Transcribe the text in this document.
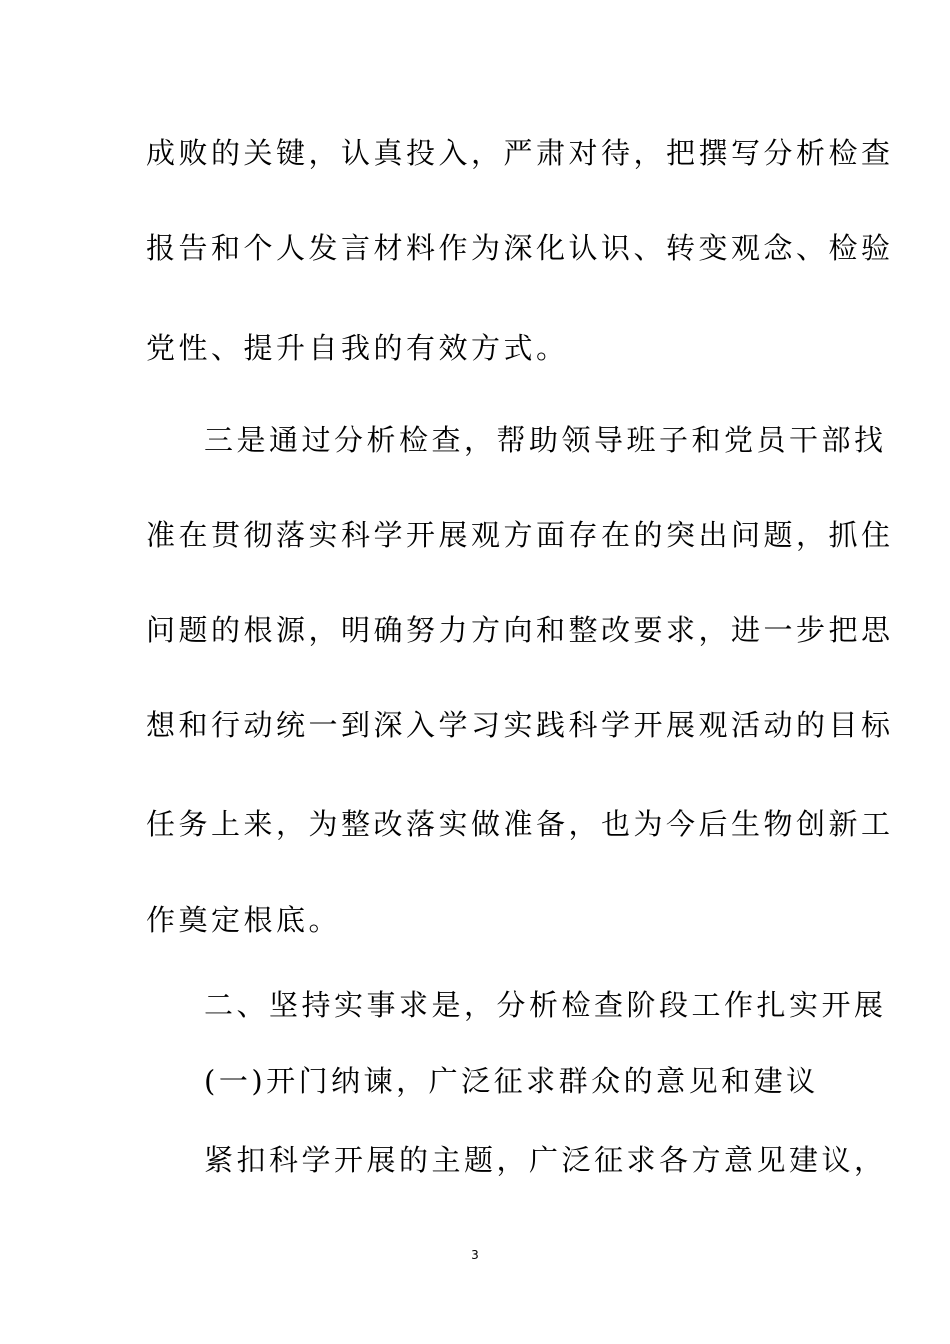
成败的关键，认真投入，严肃对待，把撰写分析检查
报告和个人发言材料作为深化认识、转变观念、检验
党性、提升自我的有效方式。
三是通过分析检查，帮助领导班子和党员干部找
准在贯彻落实科学开展观方面存在的突出问题，抓住
问题的根源，明确努力方向和整改要求，进一步把思
想和行动统一到深入学习实践科学开展观活动的目标
任务上来，为整改落实做准备，也为今后生物创新工
作奠定根底。
二、坚持实事求是，分析检查阶段工作扎实开展
(一)开门纳谏，广泛征求群众的意见和建议
紧扣科学开展的主题，广泛征求各方意见建议，
3
